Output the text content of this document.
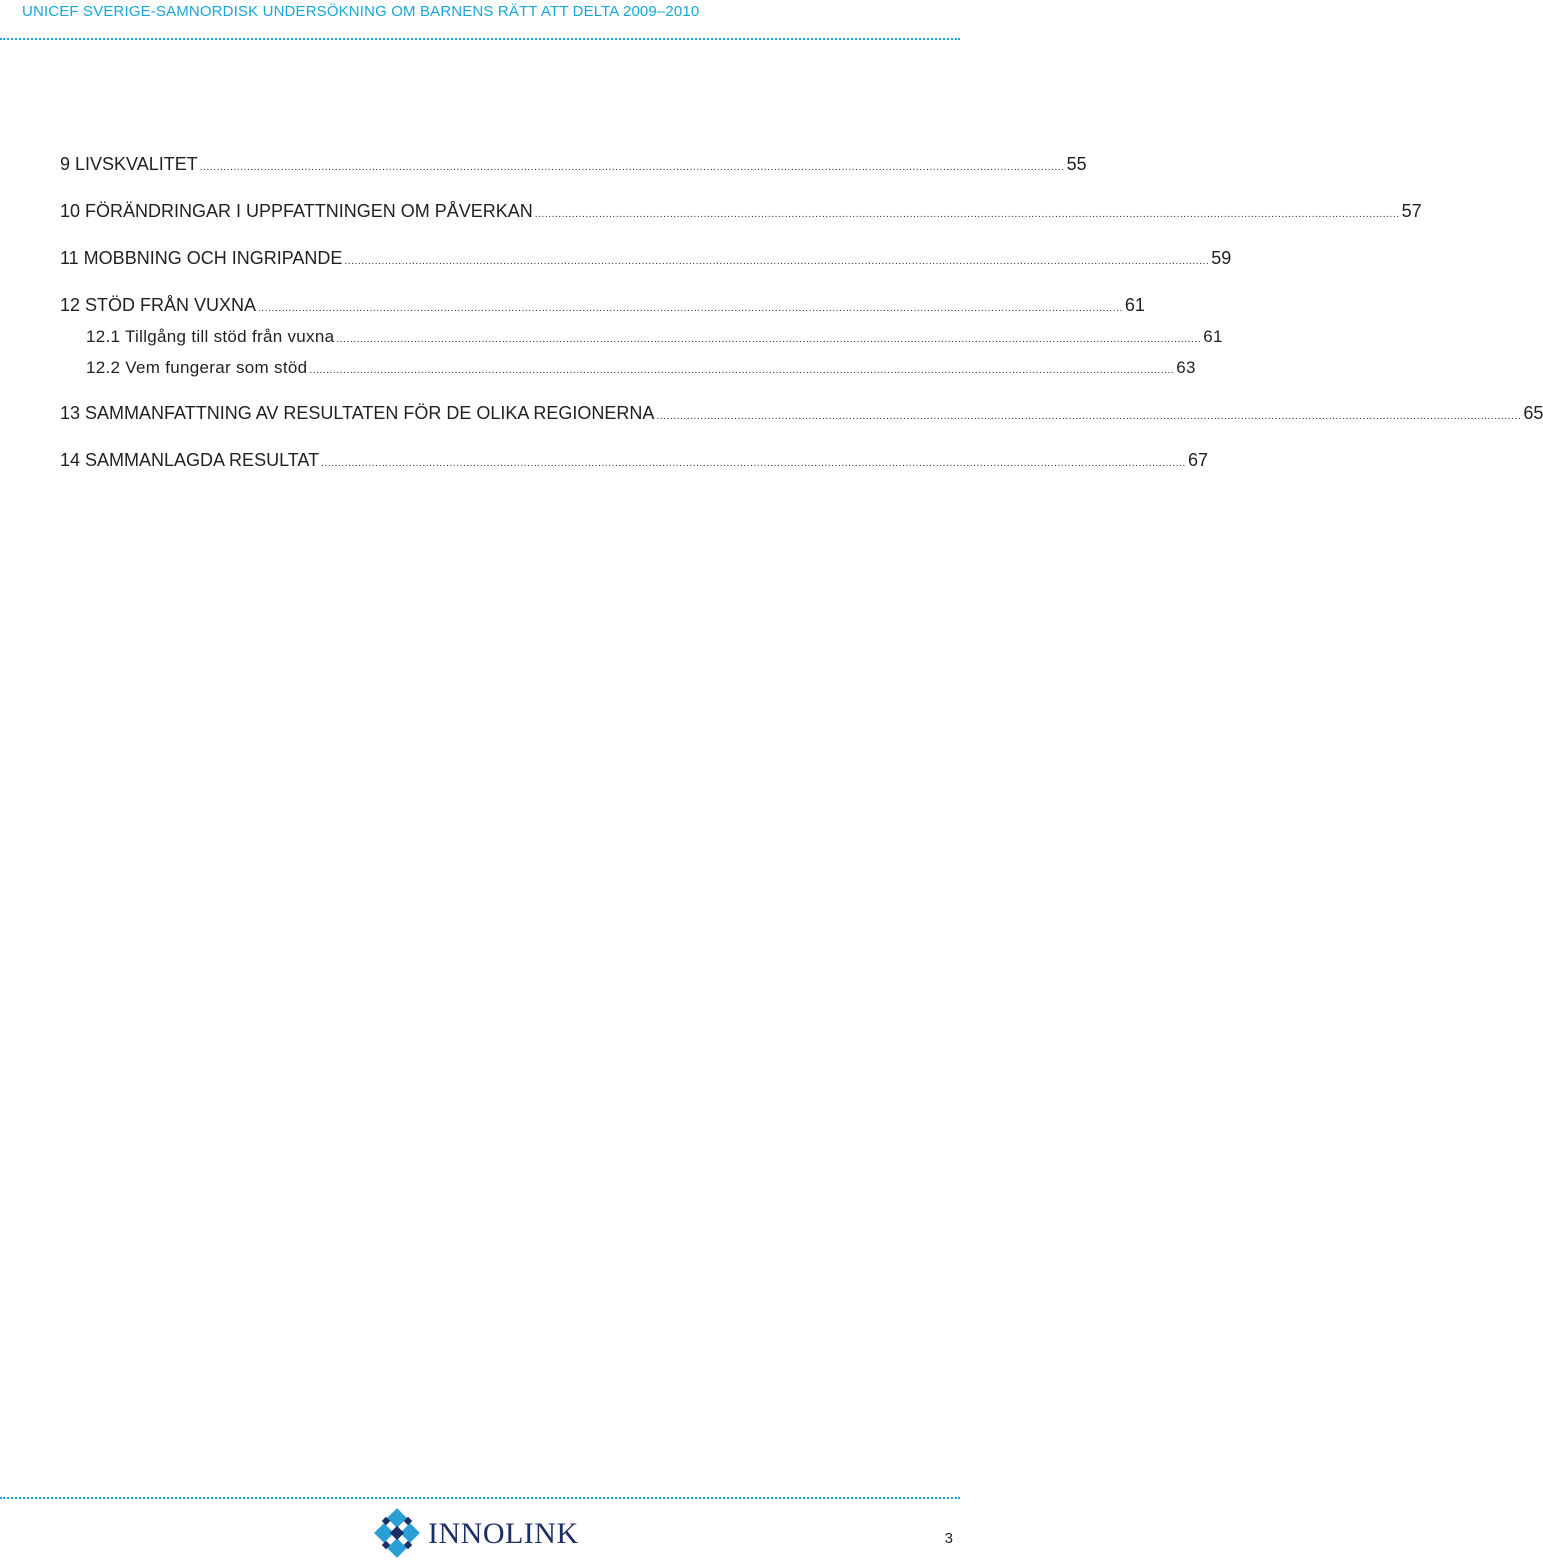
UNICEF SVERIGE-SAMNORDISK UNDERSÖKNING OM BARNENS RÄTT ATT DELTA 2009–2010
9 LIVSKVALITET ................................................................................................................................................................................................................................................................ 55
10 FÖRÄNDRINGAR I UPPFATTNINGEN OM PÅVERKAN ................................................................................................................................................................................................................................................................ 57
11 MOBBNING OCH INGRIPANDE ................................................................................................................................................................................................................................................................ 59
12 STÖD FRÅN VUXNA ................................................................................................................................................................................................................................................................ 61
12.1 Tillgång till stöd från vuxna ................................................................................................................................................................................................................................................................ 61
12.2 Vem fungerar som stöd ................................................................................................................................................................................................................................................................ 63
13 SAMMANFATTNING AV RESULTATEN FÖR DE OLIKA REGIONERNA ................................................................................................................................................................................................................................................................ 65
14 SAMMANLAGDA RESULTAT ................................................................................................................................................................................................................................................................ 67
INNOLINK	3
